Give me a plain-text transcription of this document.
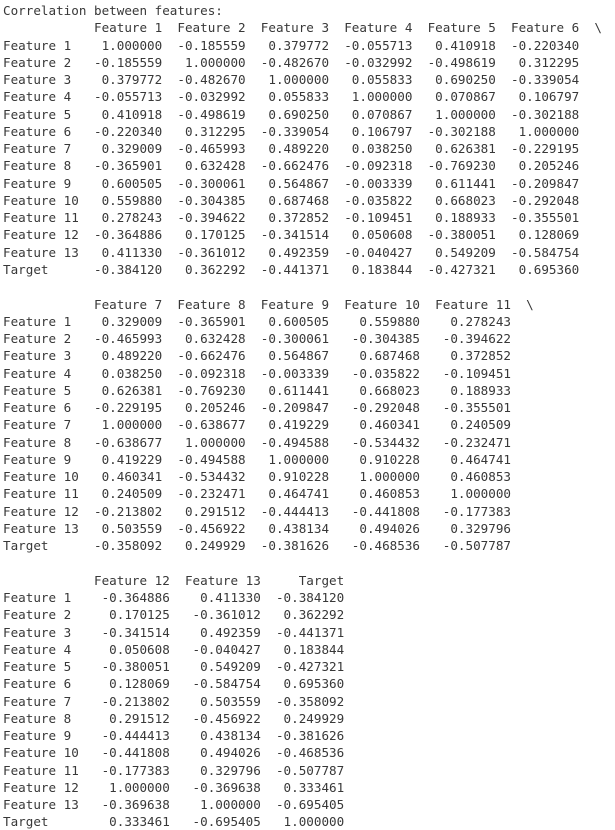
Correlation between features:
Feature 1  Feature 2  Feature 3  Feature 4  Feature 5  Feature 6  \
Feature 1    1.000000  -0.185559   0.379772  -0.055713   0.410918  -0.220340
Feature 2   -0.185559   1.000000  -0.482670  -0.032992  -0.498619   0.312295
Feature 3    0.379772  -0.482670   1.000000   0.055833   0.690250  -0.339054
Feature 4   -0.055713  -0.032992   0.055833   1.000000   0.070867   0.106797
Feature 5    0.410918  -0.498619   0.690250   0.070867   1.000000  -0.302188
Feature 6   -0.220340   0.312295  -0.339054   0.106797  -0.302188   1.000000
Feature 7    0.329009  -0.465993   0.489220   0.038250   0.626381  -0.229195
Feature 8   -0.365901   0.632428  -0.662476  -0.092318  -0.769230   0.205246
Feature 9    0.600505  -0.300061   0.564867  -0.003339   0.611441  -0.209847
Feature 10   0.559880  -0.304385   0.687468  -0.035822   0.668023  -0.292048
Feature 11   0.278243  -0.394622   0.372852  -0.109451   0.188933  -0.355501
Feature 12  -0.364886   0.170125  -0.341514   0.050608  -0.380051   0.128069
Feature 13   0.411330  -0.361012   0.492359  -0.040427   0.549209  -0.584754
Target      -0.384120   0.362292  -0.441371   0.183844  -0.427321   0.695360
Feature 7  Feature 8  Feature 9  Feature 10  Feature 11  \
Feature 1    0.329009  -0.365901   0.600505    0.559880    0.278243
Feature 2   -0.465993   0.632428  -0.300061   -0.304385   -0.394622
Feature 3    0.489220  -0.662476   0.564867    0.687468    0.372852
Feature 4    0.038250  -0.092318  -0.003339   -0.035822   -0.109451
Feature 5    0.626381  -0.769230   0.611441    0.668023    0.188933
Feature 6   -0.229195   0.205246  -0.209847   -0.292048   -0.355501
Feature 7    1.000000  -0.638677   0.419229    0.460341    0.240509
Feature 8   -0.638677   1.000000  -0.494588   -0.534432   -0.232471
Feature 9    0.419229  -0.494588   1.000000    0.910228    0.464741
Feature 10   0.460341  -0.534432   0.910228    1.000000    0.460853
Feature 11   0.240509  -0.232471   0.464741    0.460853    1.000000
Feature 12  -0.213802   0.291512  -0.444413   -0.441808   -0.177383
Feature 13   0.503559  -0.456922   0.438134    0.494026    0.329796
Target      -0.358092   0.249929  -0.381626   -0.468536   -0.507787
Feature 12  Feature 13     Target
Feature 1    -0.364886    0.411330  -0.384120
Feature 2     0.170125   -0.361012   0.362292
Feature 3    -0.341514    0.492359  -0.441371
Feature 4     0.050608   -0.040427   0.183844
Feature 5    -0.380051    0.549209  -0.427321
Feature 6     0.128069   -0.584754   0.695360
Feature 7    -0.213802    0.503559  -0.358092
Feature 8     0.291512   -0.456922   0.249929
Feature 9    -0.444413    0.438134  -0.381626
Feature 10   -0.441808    0.494026  -0.468536
Feature 11   -0.177383    0.329796  -0.507787
Feature 12    1.000000   -0.369638   0.333461
Feature 13   -0.369638    1.000000  -0.695405
Target        0.333461   -0.695405   1.000000
